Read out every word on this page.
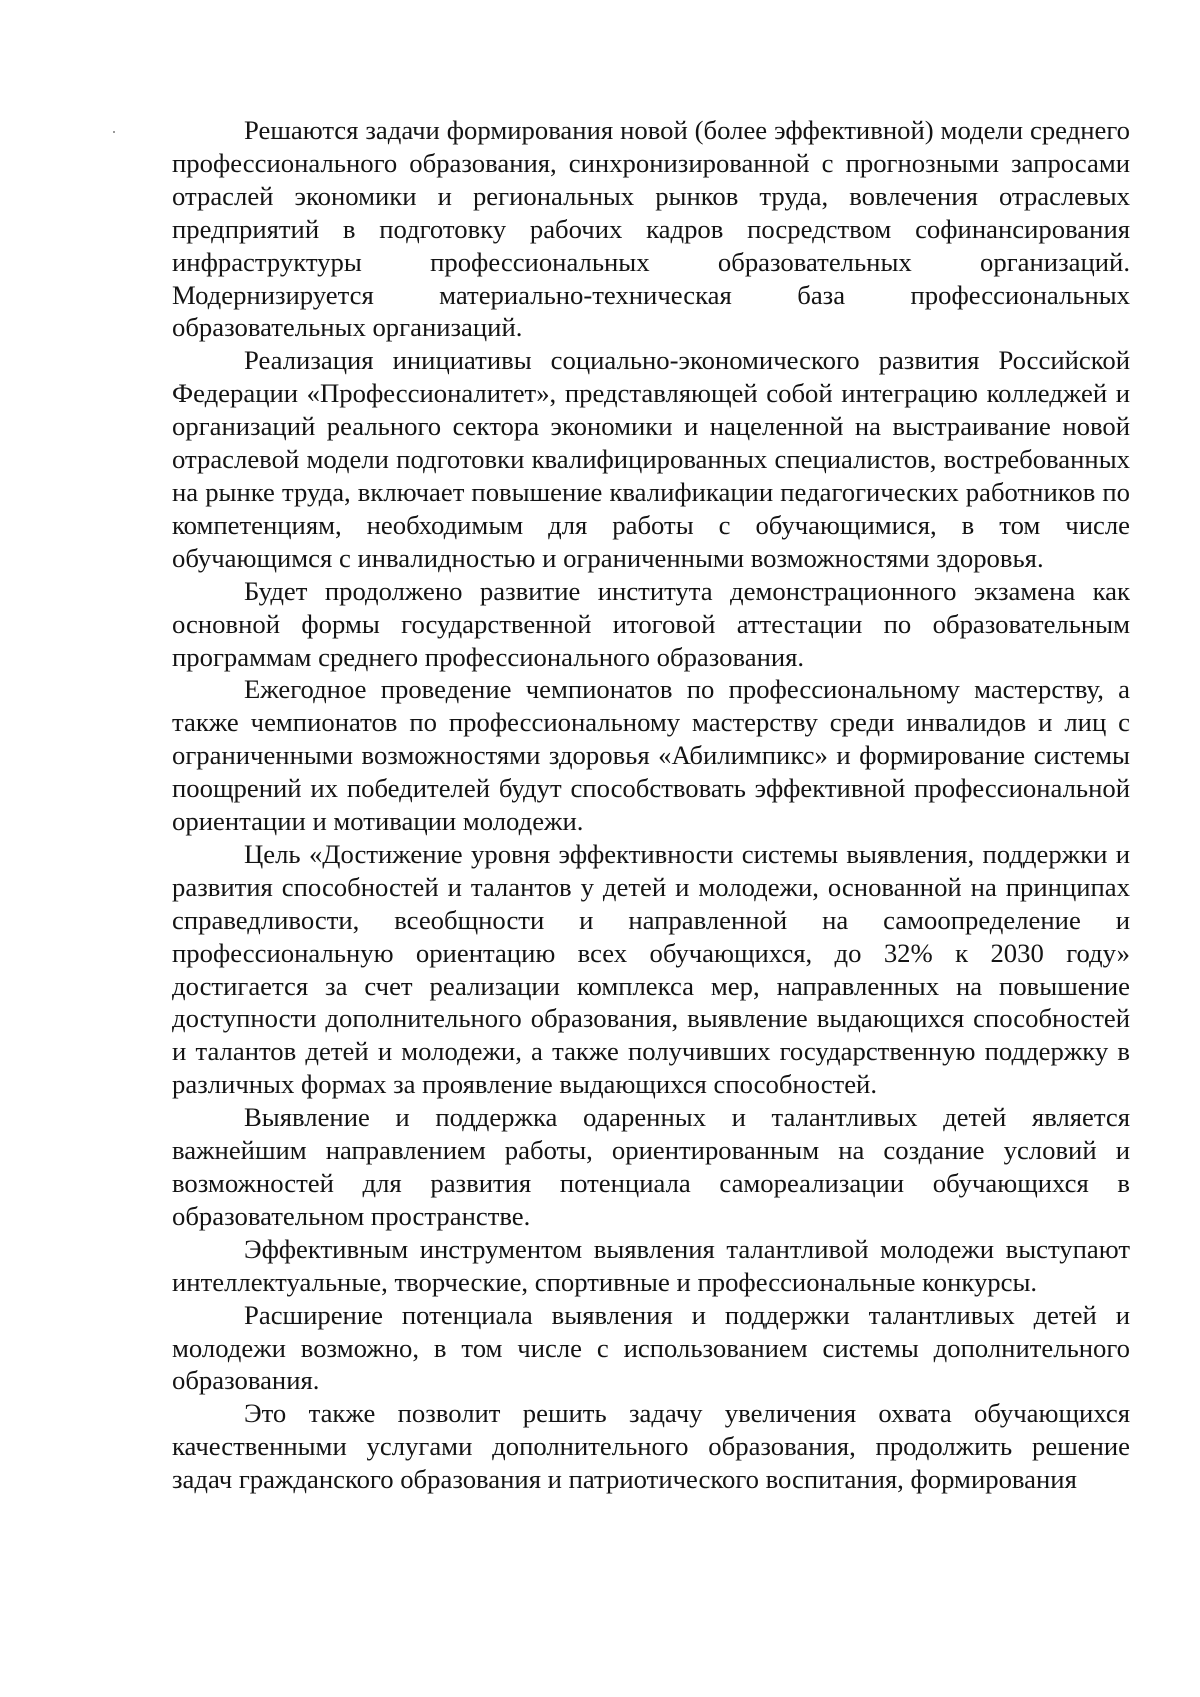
Решаются задачи формирования новой (более эффективной) модели среднего профессионального образования, синхронизированной с прогнозными запросами отраслей экономики и региональных рынков труда, вовлечения отраслевых предприятий в подготовку рабочих кадров посредством софинансирования инфраструктуры профессиональных образовательных организаций. Модернизируется материально-техническая база профессиональных образовательных организаций.

Реализация инициативы социально-экономического развития Российской Федерации «Профессионалитет», представляющей собой интеграцию колледжей и организаций реального сектора экономики и нацеленной на выстраивание новой отраслевой модели подготовки квалифицированных специалистов, востребованных на рынке труда, включает повышение квалификации педагогических работников по компетенциям, необходимым для работы с обучающимися, в том числе обучающимся с инвалидностью и ограниченными возможностями здоровья.

Будет продолжено развитие института демонстрационного экзамена как основной формы государственной итоговой аттестации по образовательным программам среднего профессионального образования.

Ежегодное проведение чемпионатов по профессиональному мастерству, а также чемпионатов по профессиональному мастерству среди инвалидов и лиц с ограниченными возможностями здоровья «Абилимпикс» и формирование системы поощрений их победителей будут способствовать эффективной профессиональной ориентации и мотивации молодежи.

Цель «Достижение уровня эффективности системы выявления, поддержки и развития способностей и талантов у детей и молодежи, основанной на принципах справедливости, всеобщности и направленной на самоопределение и профессиональную ориентацию всех обучающихся, до 32% к 2030 году» достигается за счет реализации комплекса мер, направленных на повышение доступности дополнительного образования, выявление выдающихся способностей и талантов детей и молодежи, а также получивших государственную поддержку в различных формах за проявление выдающихся способностей.

Выявление и поддержка одаренных и талантливых детей является важнейшим направлением работы, ориентированным на создание условий и возможностей для развития потенциала самореализации обучающихся в образовательном пространстве.

Эффективным инструментом выявления талантливой молодежи выступают интеллектуальные, творческие, спортивные и профессиональные конкурсы.

Расширение потенциала выявления и поддержки талантливых детей и молодежи возможно, в том числе с использованием системы дополнительного образования.

Это также позволит решить задачу увеличения охвата обучающихся качественными услугами дополнительного образования, продолжить решение задач гражданского образования и патриотического воспитания, формирования
